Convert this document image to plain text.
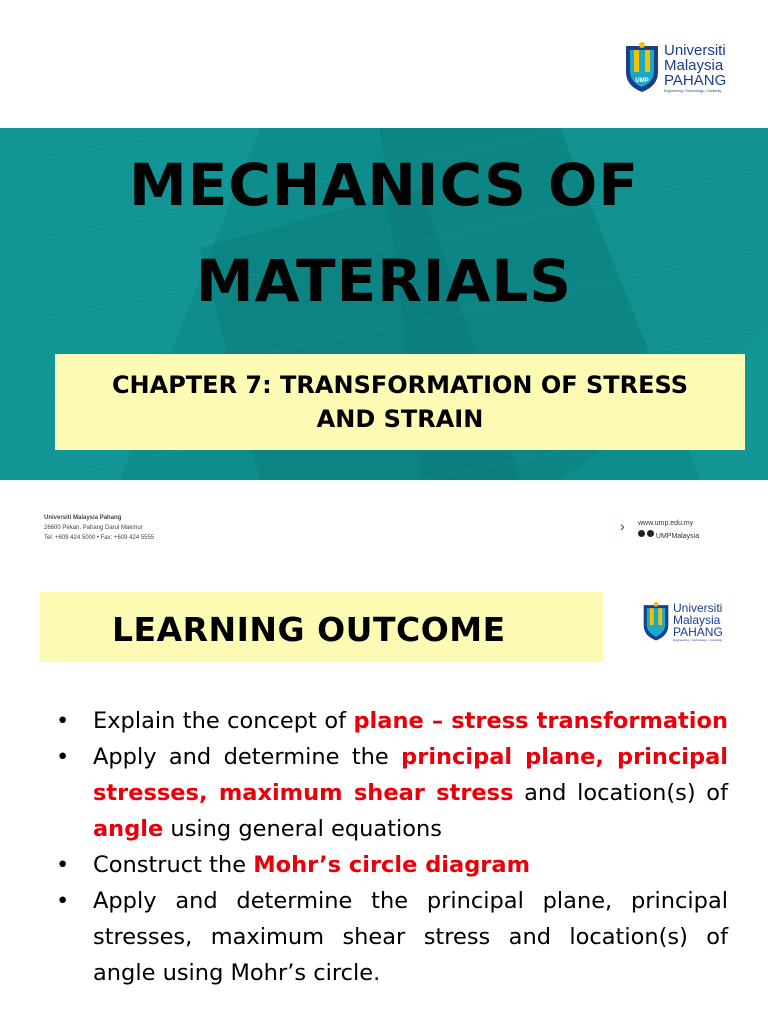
UMP
Universiti
Malaysia
PAHANG
Engineering • Technology • Creativity
MECHANICS OF
MATERIALS
CHAPTER 7: TRANSFORMATION OF STRESS AND STRAIN
Universiti Malaysia Pahang
26600 Pekan, Pahang Darul Makmur
Tel: +609 424 5000 • Fax: +609 424 5555
› www.ump.edu.my
UMPMalaysia
LEARNING OUTCOME
Universiti
Malaysia
PAHANG
Engineering • Technology • Creativity
• Explain the concept of plane – stress transformation
• Apply and determine the principal plane, principal stresses, maximum shear stress and location(s) of angle using general equations
• Construct the Mohr’s circle diagram
• Apply and determine the principal plane, principal stresses, maximum shear stress and location(s) of angle using Mohr’s circle.
